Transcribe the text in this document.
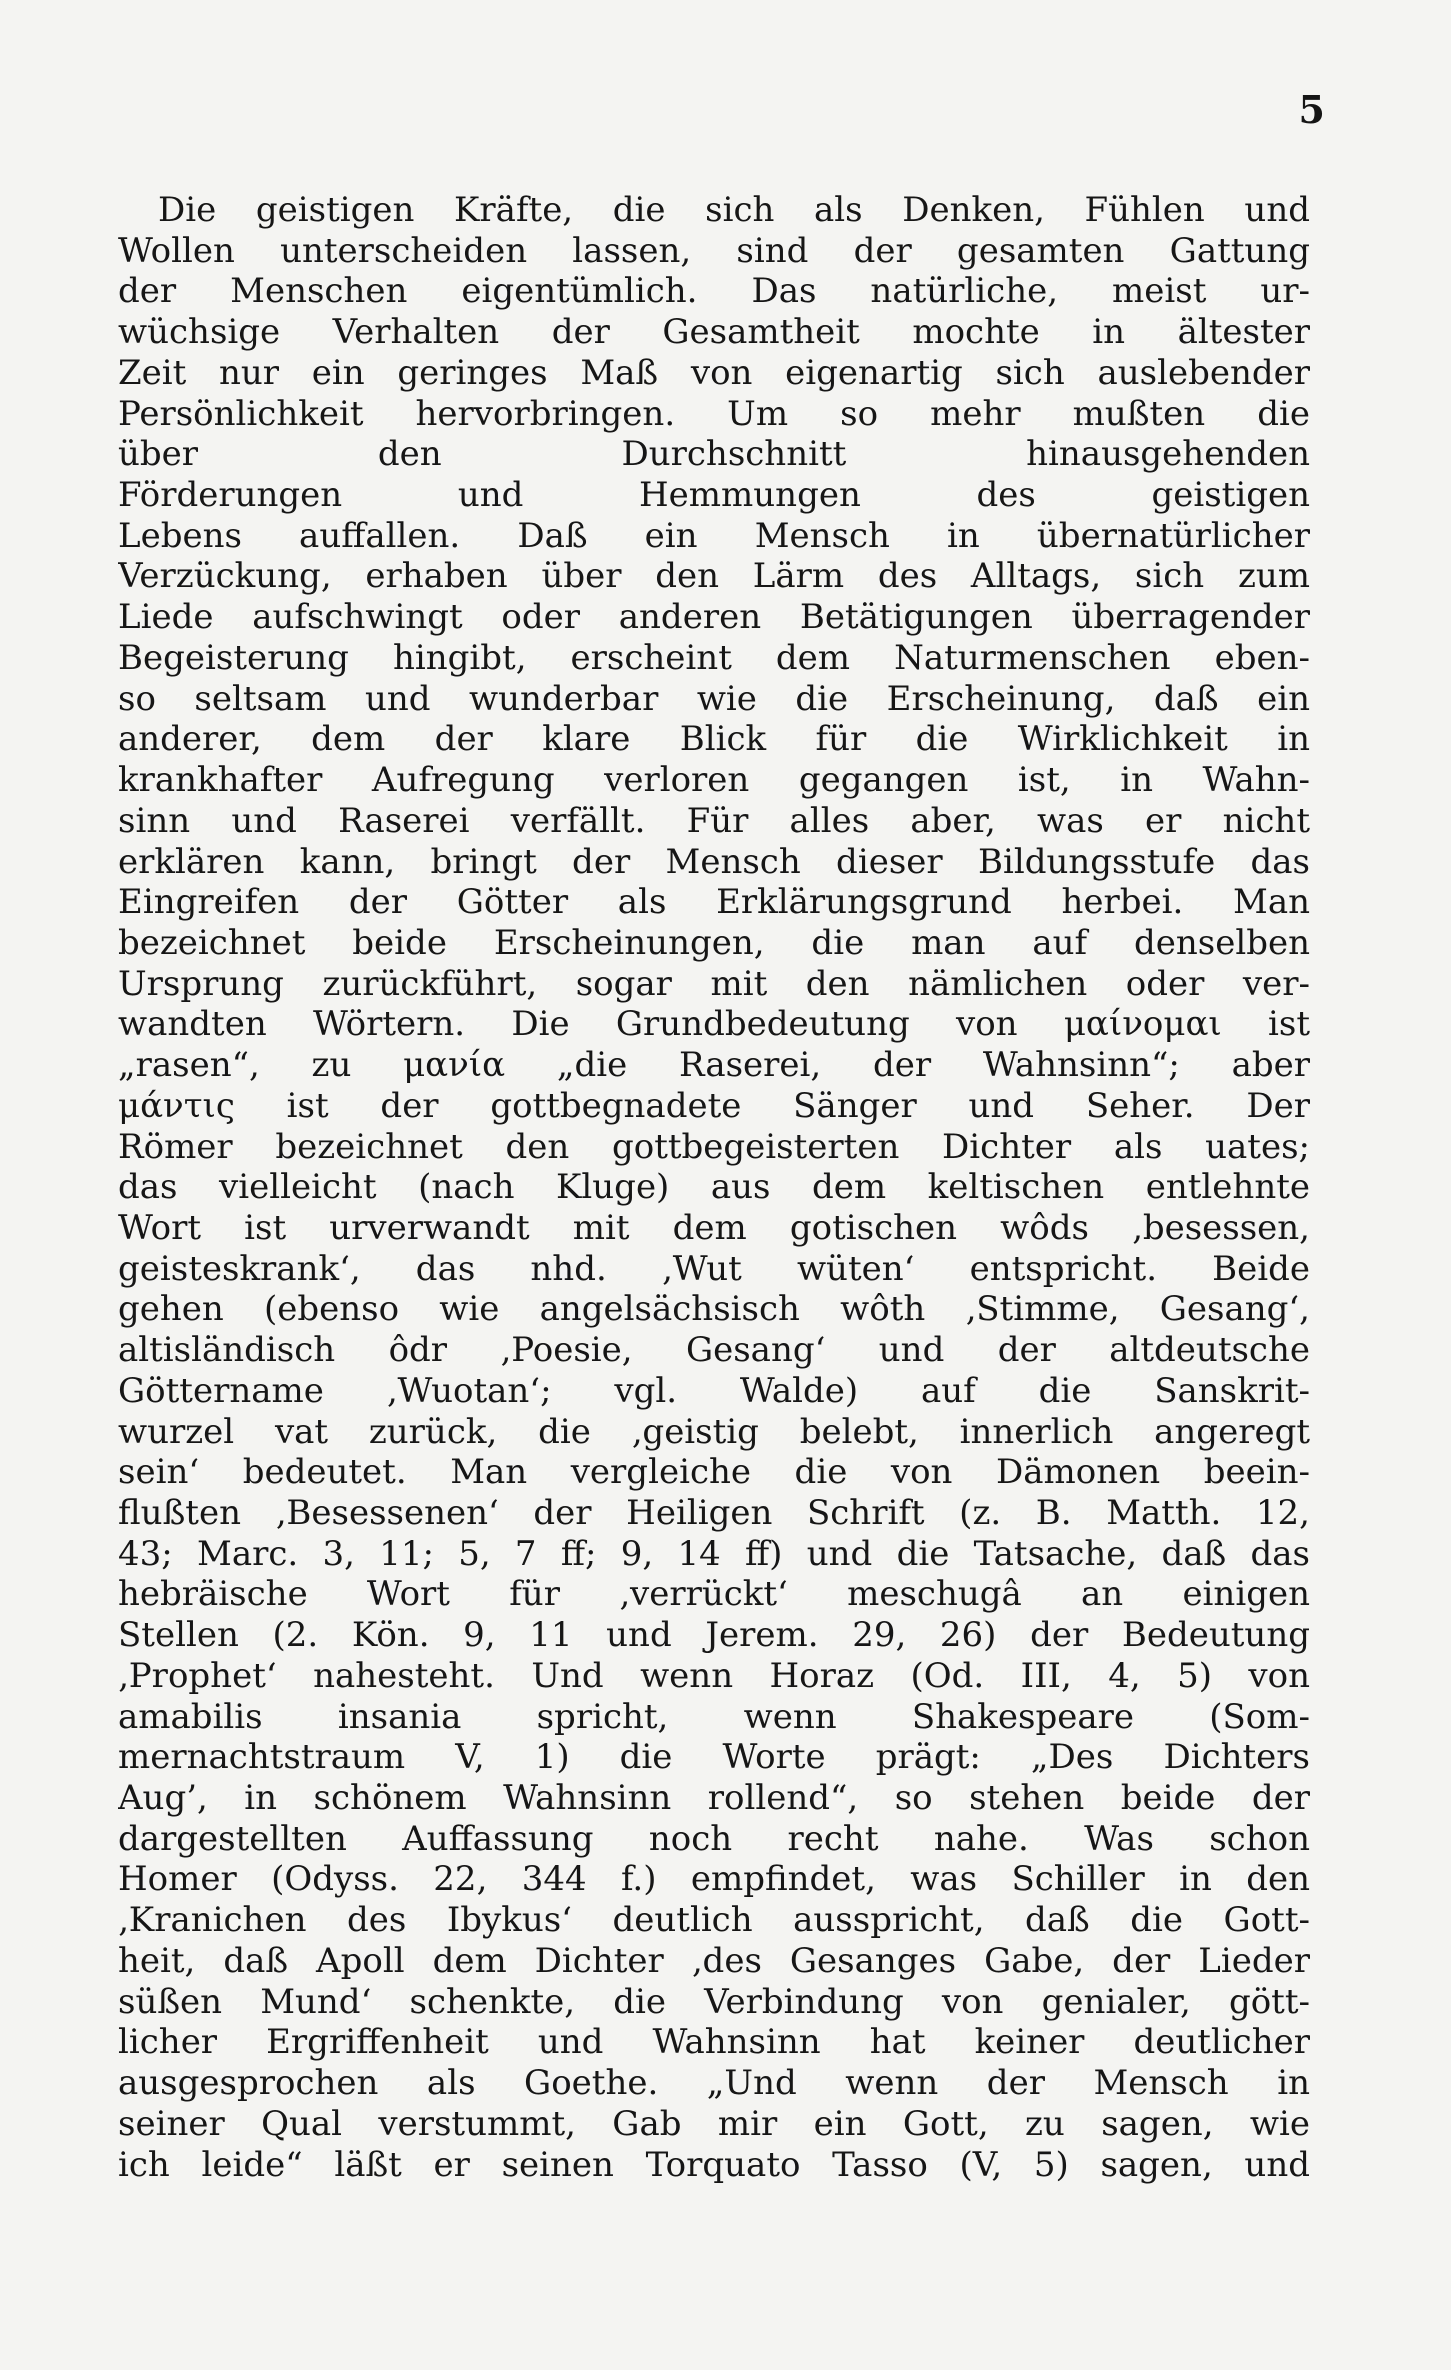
5
Die geistigen Kräfte, die sich als Denken, Fühlen und
Wollen unterscheiden lassen, sind der gesamten Gattung
der Menschen eigentümlich. Das natürliche, meist ur-
wüchsige Verhalten der Gesamtheit mochte in ältester
Zeit nur ein geringes Maß von eigenartig sich auslebender
Persönlichkeit hervorbringen. Um so mehr mußten die
über den Durchschnitt hinausgehenden
Förderungen und Hemmungen des geistigen
Lebens auffallen. Daß ein Mensch in übernatürlicher
Verzückung, erhaben über den Lärm des Alltags, sich zum
Liede aufschwingt oder anderen Betätigungen überragender
Begeisterung hingibt, erscheint dem Naturmenschen eben-
so seltsam und wunderbar wie die Erscheinung, daß ein
anderer, dem der klare Blick für die Wirklichkeit in
krankhafter Aufregung verloren gegangen ist, in Wahn-
sinn und Raserei verfällt. Für alles aber, was er nicht
erklären kann, bringt der Mensch dieser Bildungsstufe das
Eingreifen der Götter als Erklärungsgrund herbei. Man
bezeichnet beide Erscheinungen, die man auf denselben
Ursprung zurückführt, sogar mit den nämlichen oder ver-
wandten Wörtern. Die Grundbedeutung von μαίνομαι ist
„rasen“, zu μανία „die Raserei, der Wahnsinn“; aber
μάντις ist der gottbegnadete Sänger und Seher. Der
Römer bezeichnet den gottbegeisterten Dichter als uates;
das vielleicht (nach Kluge) aus dem keltischen entlehnte
Wort ist urverwandt mit dem gotischen wôds ‚besessen,
geisteskrank‘, das nhd. ‚Wut wüten‘ entspricht. Beide
gehen (ebenso wie angelsächsisch wôth ‚Stimme, Gesang‘,
altisländisch ôdr ‚Poesie, Gesang‘ und der altdeutsche
Göttername ‚Wuotan‘; vgl. Walde) auf die Sanskrit-
wurzel vat zurück, die ‚geistig belebt, innerlich angeregt
sein‘ bedeutet. Man vergleiche die von Dämonen beein-
flußten ‚Besessenen‘ der Heiligen Schrift (z. B. Matth. 12,
43; Marc. 3, 11; 5, 7 ff; 9, 14 ff) und die Tatsache, daß das
hebräische Wort für ‚verrückt‘ meschugâ an einigen
Stellen (2. Kön. 9, 11 und Jerem. 29, 26) der Bedeutung
‚Prophet‘ nahesteht. Und wenn Horaz (Od. III, 4, 5) von
amabilis insania spricht, wenn Shakespeare (Som-
mernachtstraum V, 1) die Worte prägt: „Des Dichters
Aug’, in schönem Wahnsinn rollend“, so stehen beide der
dargestellten Auffassung noch recht nahe. Was schon
Homer (Odyss. 22, 344 f.) empfindet, was Schiller in den
‚Kranichen des Ibykus‘ deutlich ausspricht, daß die Gott-
heit, daß Apoll dem Dichter ‚des Gesanges Gabe, der Lieder
süßen Mund‘ schenkte, die Verbindung von genialer, gött-
licher Ergriffenheit und Wahnsinn hat keiner deutlicher
ausgesprochen als Goethe. „Und wenn der Mensch in
seiner Qual verstummt, Gab mir ein Gott, zu sagen, wie
ich leide“ läßt er seinen Torquato Tasso (V, 5) sagen, und
